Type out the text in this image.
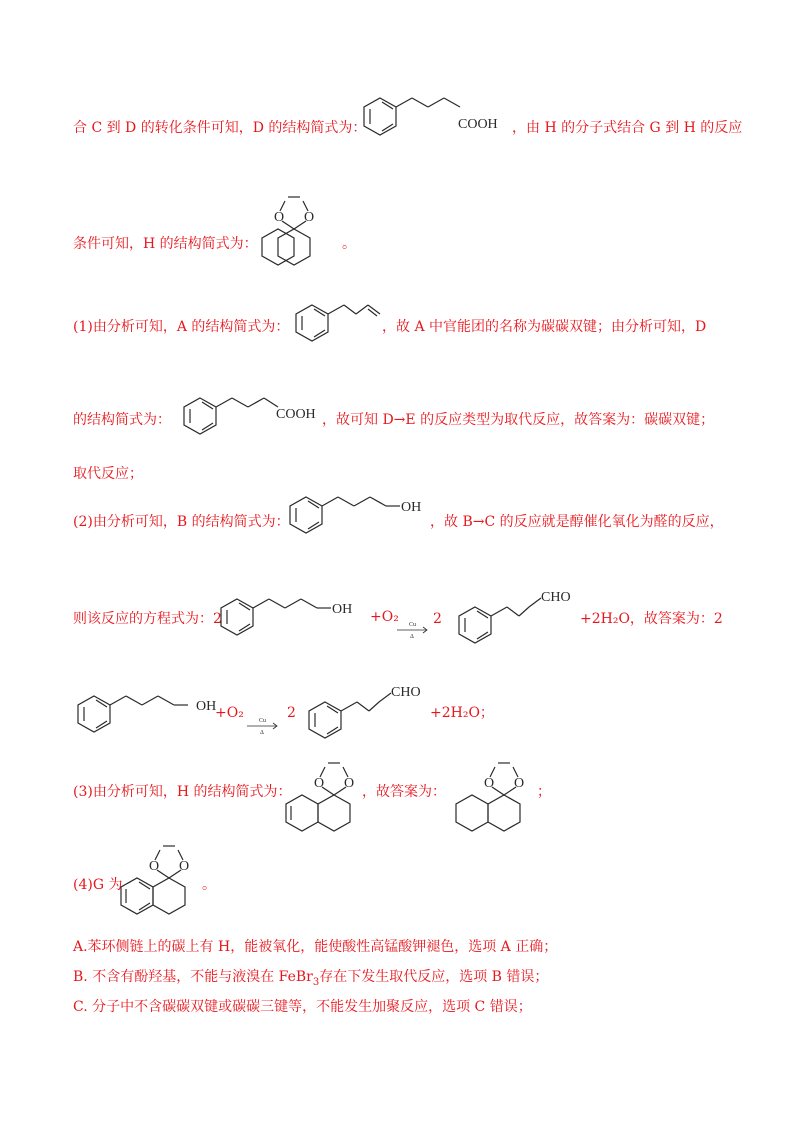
合 C 到 D 的转化条件可知，D 的结构简式为：	COOH ，由 H 的分子式结合 G 到 H 的反应
条件可知，H 的结构简式为：
O O
。
(1)由分析可知，A 的结构简式为：	，故 A 中官能团的名称为碳碳双键；由分析可知，D
的结构简式为：	COOH ，故可知 D→E 的反应类型为取代反应，故答案为：碳碳双键；
取代反应；
(2)由分析可知，B 的结构简式为：
OH
，故 B→C 的反应就是醇催化氧化为醛的反应，
则该反应的方程式为：2
OH +O₂ Cu
Δ
2
CHO
+2H₂O，故答案为：2
OH
+O₂	Cu
Δ
2
CHO
+2H₂O；
(3)由分析可知，H 的结构简式为：
O O
，故答案为：
O O
；
(4)G 为
O O
。
A.苯环侧链上的碳上有 H，能被氧化，能使酸性高锰酸钾褪色，选项 A 正确；
B. 不含有酚羟基，不能与液溴在 FeBr$_3$存在下发生取代反应，选项 B 错误；
C. 分子中不含碳碳双键或碳碳三键等，不能发生加聚反应，选项 C 错误；
